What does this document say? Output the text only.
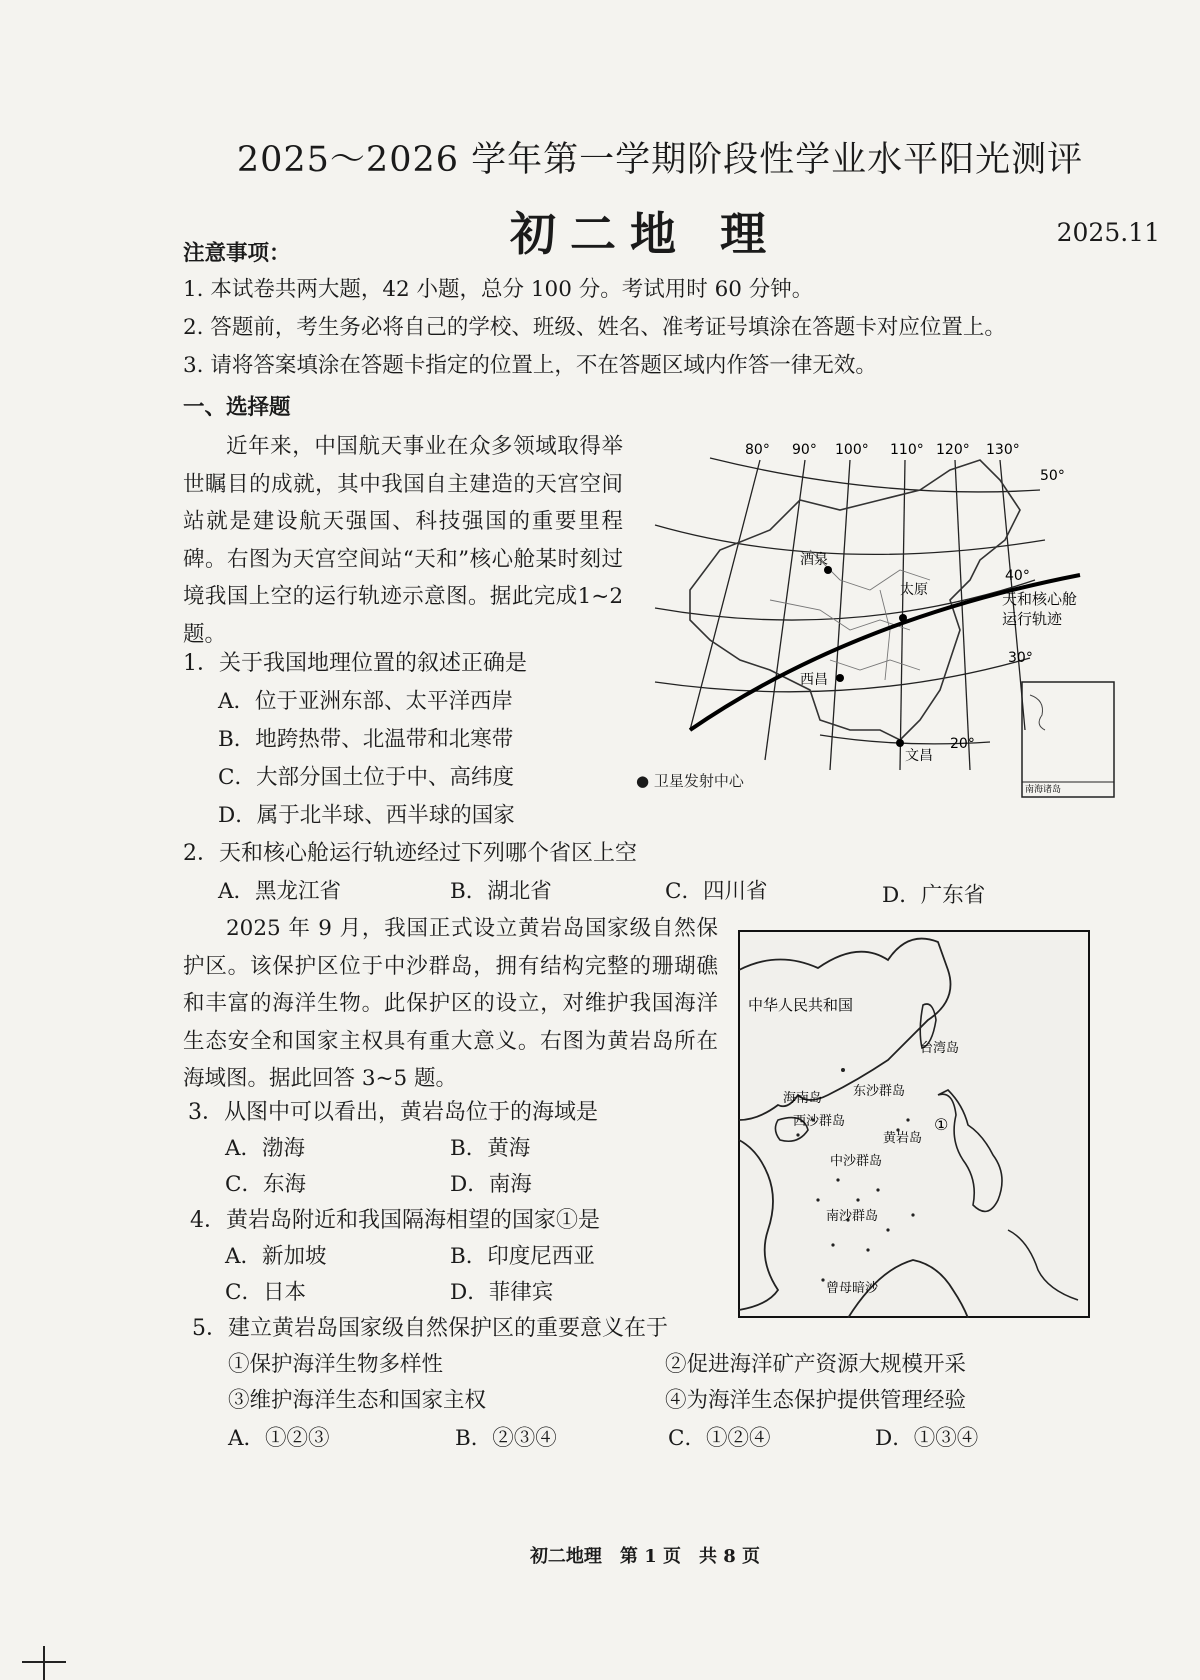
2025～2026 学年第一学期阶段性学业水平阳光测评
初二地 理	2025.11
注意事项：
1. 本试卷共两大题，42 小题，总分 100 分。考试用时 60 分钟。
2. 答题前，考生务必将自己的学校、班级、姓名、准考证号填涂在答题卡对应位置上。
3. 请将答案填涂在答题卡指定的位置上，不在答题区域内作答一律无效。
一、选择题
近年来，中国航天事业在众多领域取得举世瞩目的成就，其中我国自主建造的天宫空间站就是建设航天强国、科技强国的重要里程碑。右图为天宫空间站“天和”核心舱某时刻过境我国上空的运行轨迹示意图。据此完成1~2 题。
80° 90° 100° 110° 120° 130°
50°
40°
30°
20°
酒泉
太原
西昌
文昌
天和核心舱
运行轨迹
南海诸岛
● 卫星发射中心
1．关于我国地理位置的叙述正确是
A．位于亚洲东部、太平洋西岸
B．地跨热带、北温带和北寒带
C．大部分国土位于中、高纬度
D．属于北半球、西半球的国家
2．天和核心舱运行轨迹经过下列哪个省区上空
A．黑龙江省	B．湖北省	C．四川省	D．广东省
2025 年 9 月，我国正式设立黄岩岛国家级自然保护区。该保护区位于中沙群岛，拥有结构完整的珊瑚礁和丰富的海洋生物。此保护区的设立，对维护我国海洋生态安全和国家主权具有重大意义。右图为黄岩岛所在海域图。据此回答 3~5 题。
中华人民共和国
台湾岛
海南岛 东沙群岛
西沙群岛
黄岩岛
中沙群岛
南沙群岛
曾母暗沙
①
3．从图中可以看出，黄岩岛位于的海域是
A．渤海	B．黄海
C．东海	D．南海
4．黄岩岛附近和我国隔海相望的国家①是
A．新加坡	B．印度尼西亚
C．日本	D．菲律宾
5．建立黄岩岛国家级自然保护区的重要意义在于
①保护海洋生物多样性	②促进海洋矿产资源大规模开采
③维护海洋生态和国家主权	④为海洋生态保护提供管理经验
A．①②③	B．②③④	C．①②④	D．①③④
初二地理　第 1 页　共 8 页
